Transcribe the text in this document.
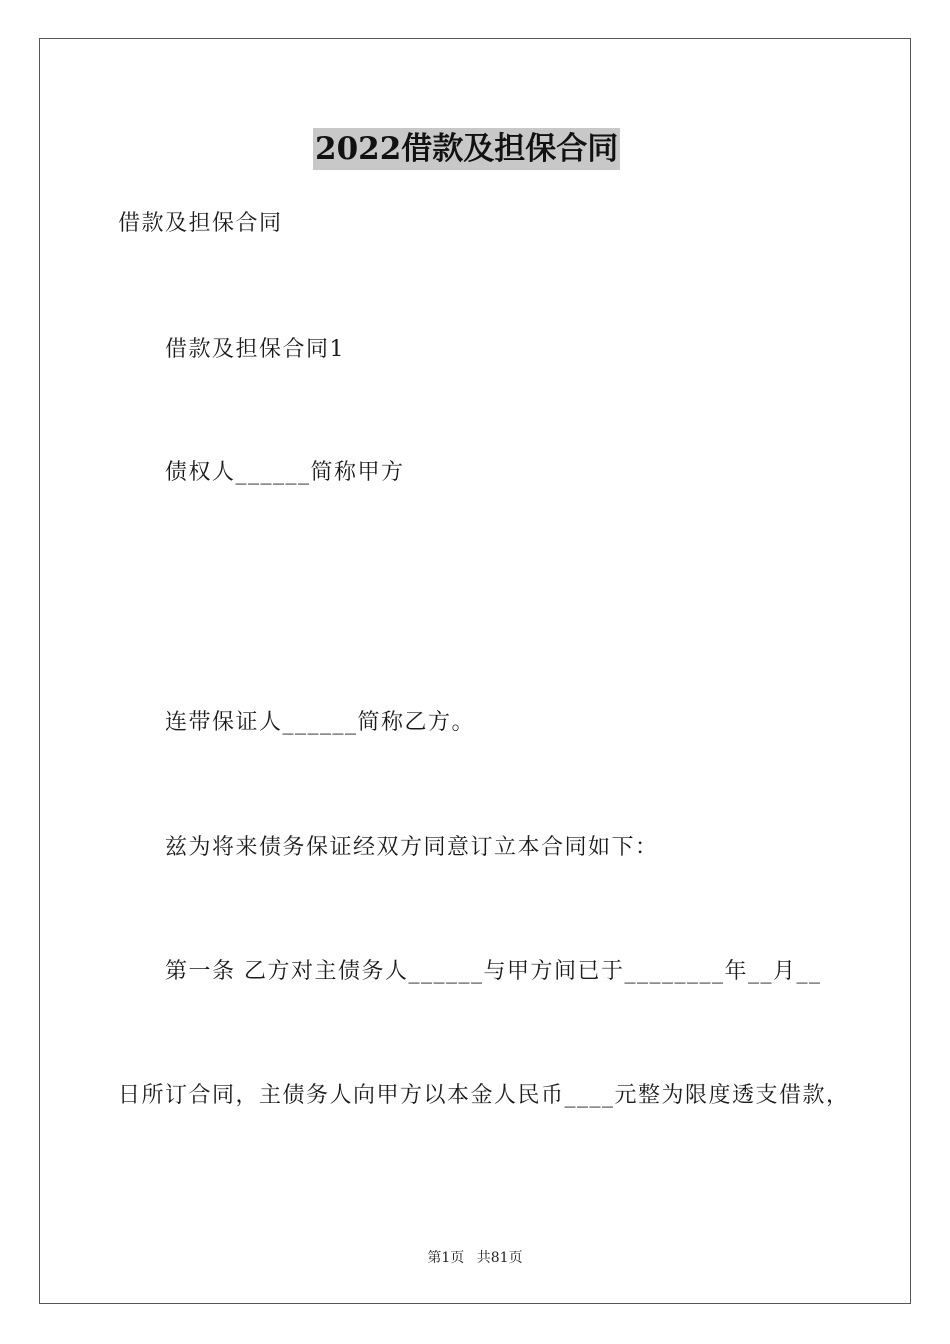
2022借款及担保合同
借款及担保合同
借款及担保合同1
债权人______简称甲方
连带保证人______简称乙方。
兹为将来债务保证经双方同意订立本合同如下：
第一条 乙方对主债务人______与甲方间已于________年__月__
日所订合同，主债务人向甲方以本金人民币____元整为限度透支借款，
第1页 共81页
